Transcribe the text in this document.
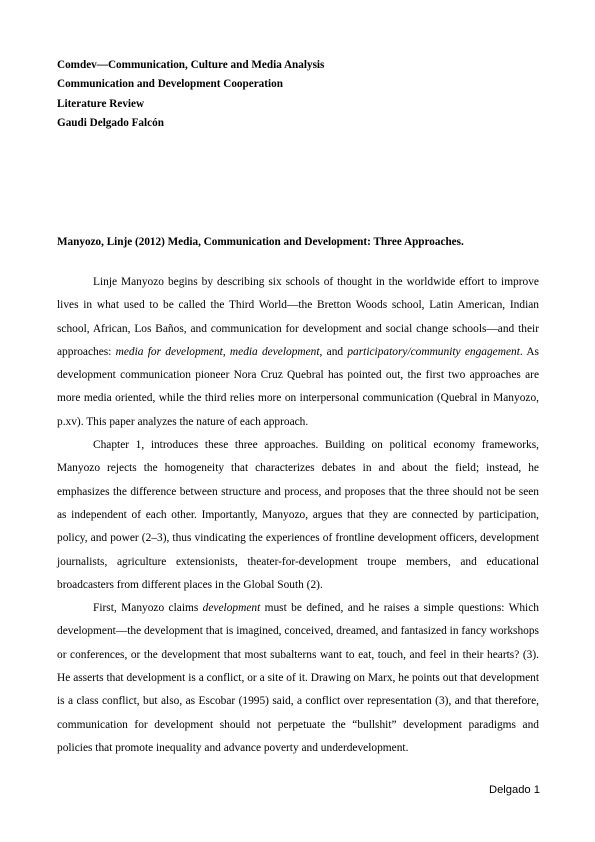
Comdev—Communication, Culture and Media Analysis
Communication and Development Cooperation
Literature Review
Gaudi Delgado Falcón
Manyozo, Linje (2012) Media, Communication and Development: Three Approaches.

Linje Manyozo begins by describing six schools of thought in the worldwide effort to improve lives in what used to be called the Third World—the Bretton Woods school, Latin American, Indian school, African, Los Baños, and communication for development and social change schools—and their approaches: media for development, media development, and participatory/community engagement. As development communication pioneer Nora Cruz Quebral has pointed out, the first two approaches are more media oriented, while the third relies more on interpersonal communication (Quebral in Manyozo, p.xv). This paper analyzes the nature of each approach.

Chapter 1, introduces these three approaches. Building on political economy frameworks, Manyozo rejects the homogeneity that characterizes debates in and about the field; instead, he emphasizes the difference between structure and process, and proposes that the three should not be seen as independent of each other. Importantly, Manyozo, argues that they are connected by participation, policy, and power (2–3), thus vindicating the experiences of frontline development officers, development journalists, agriculture extensionists, theater-for-development troupe members, and educational broadcasters from different places in the Global South (2).

First, Manyozo claims development must be defined, and he raises a simple questions: Which development—the development that is imagined, conceived, dreamed, and fantasized in fancy workshops or conferences, or the development that most subalterns want to eat, touch, and feel in their hearts? (3). He asserts that development is a conflict, or a site of it. Drawing on Marx, he points out that development is a class conflict, but also, as Escobar (1995) said, a conflict over representation (3), and that therefore, communication for development should not perpetuate the “bullshit” development paradigms and policies that promote inequality and advance poverty and underdevelopment.

Delgado 1
